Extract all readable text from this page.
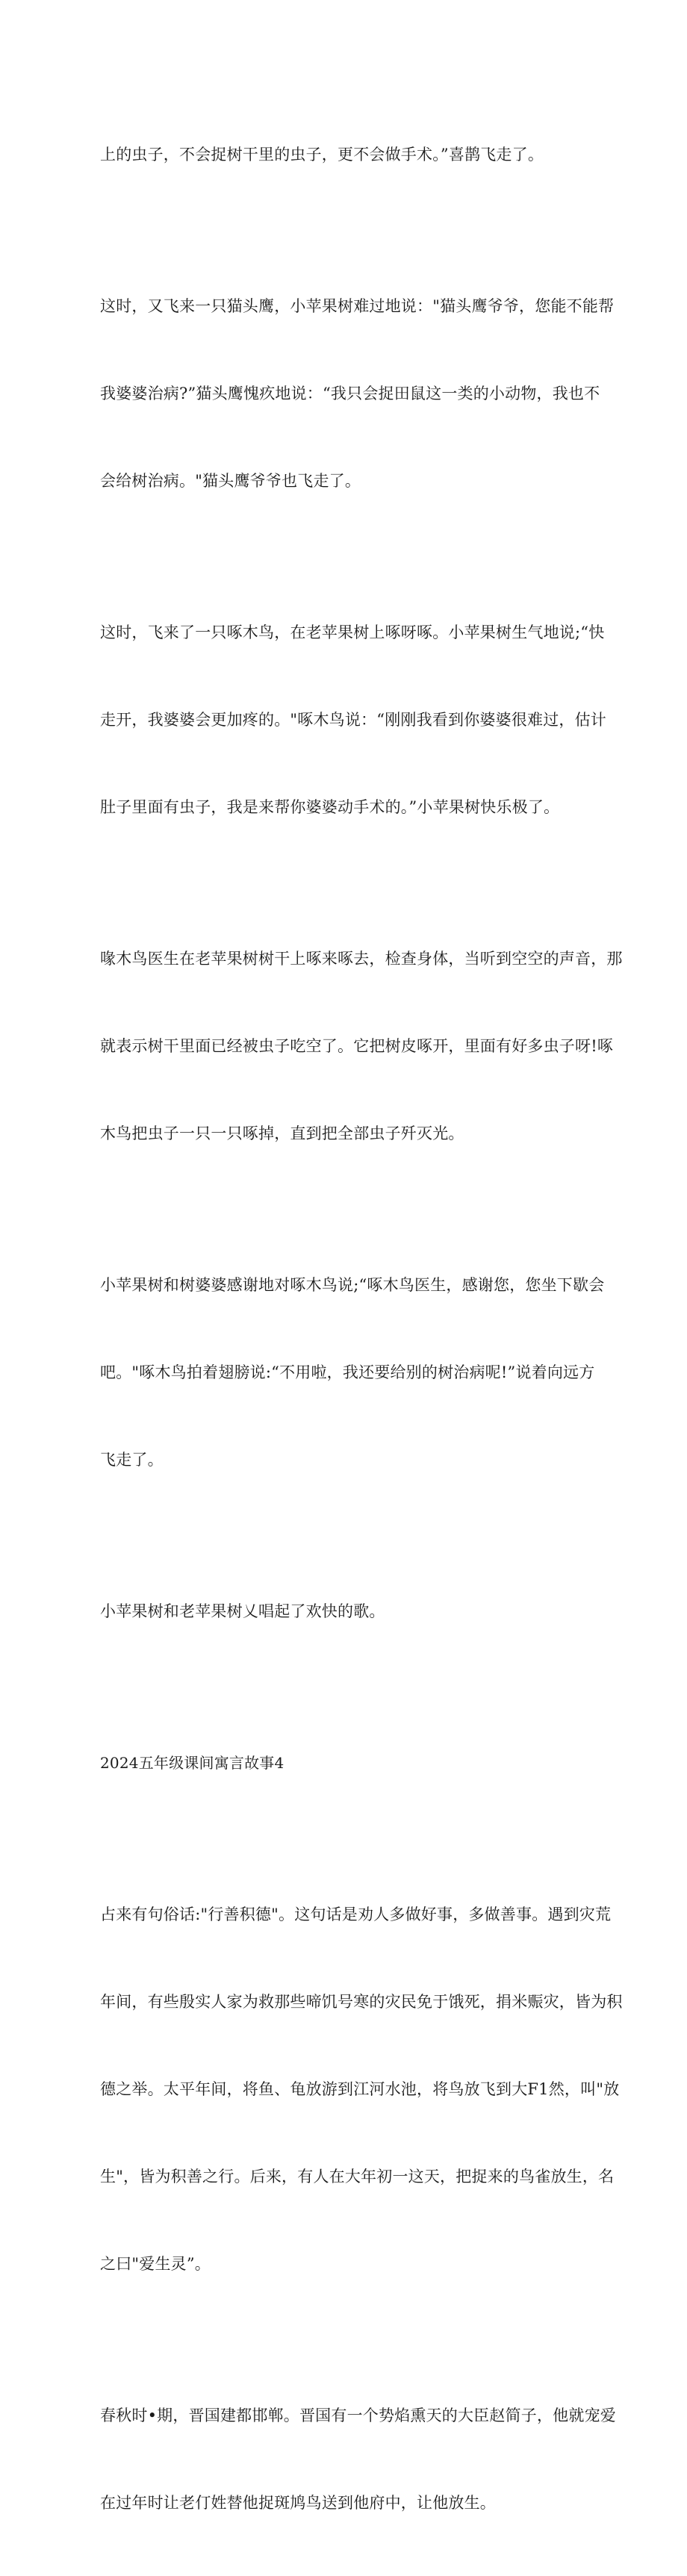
上的虫子，不会捉树干里的虫子，更不会做手术。”喜鹊飞走了。

这时，又飞来一只猫头鹰，小苹果树难过地说："猫头鹰爷爷，您能不能帮

我婆婆治病?”猫头鹰愧疚地说：“我只会捉田鼠这一类的小动物，我也不

会给树治病。"猫头鹰爷爷也飞走了。

这时，飞来了一只啄木鸟，在老苹果树上啄呀啄。小苹果树生气地说;“快

走开，我婆婆会更加疼的。"啄木鸟说：“刚刚我看到你婆婆很难过，估计

肚子里面有虫子，我是来帮你婆婆动手术的。”小苹果树快乐极了。

喙木鸟医生在老苹果树树干上啄来啄去，检查身体，当听到空空的声音，那

就表示树干里面已经被虫子吃空了。它把树皮啄开，里面有好多虫子呀!啄

木鸟把虫子一只一只啄掉，直到把全部虫子歼灭光。

小苹果树和树婆婆感谢地对啄木鸟说;“啄木鸟医生，感谢您，您坐下歇会

吧。"啄木鸟拍着翅膀说:“不用啦，我还要给别的树治病呢!”说着向远方

飞走了。

小苹果树和老苹果树乂唱起了欢快的歌。

2024五年级课间寓言故事4

占来有句俗话:"行善积德"。这句话是劝人多做好事，多做善事。遇到灾荒

年间，有些殷实人家为救那些啼饥号寒的灾民免于饿死，捐米赈灾，皆为积

德之举。太平年间，将鱼、龟放游到江河水池，将鸟放飞到大F1然，叫"放

生"，皆为积善之行。后来，有人在大年初一这天，把捉来的鸟雀放生，名

之曰"爱生灵”。

春秋时•期，晋国建都邯郸。晋国有一个势焰熏天的大臣赵简子，他就宠爱

在过年时让老仃姓替他捉斑鸠鸟送到他府中，让他放生。
